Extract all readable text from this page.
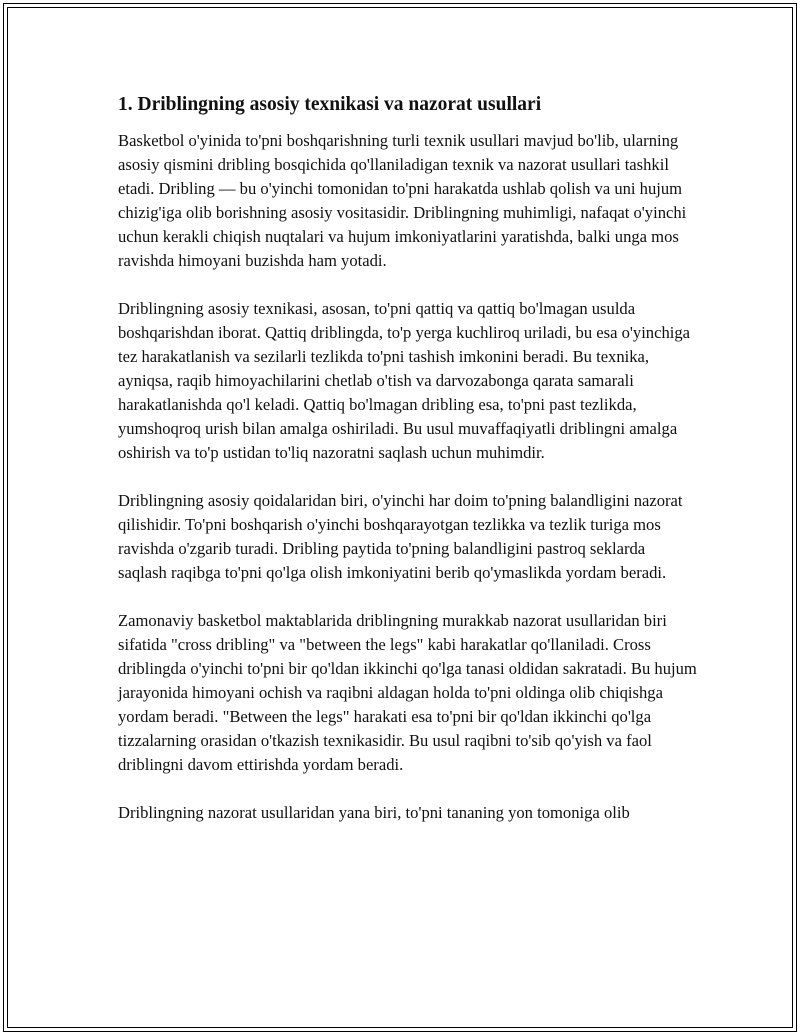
1. Driblingning asosiy texnikasi va nazorat usullari

Basketbol o'yinida to'pni boshqarishning turli texnik usullari mavjud bo'lib, ularning asosiy qismini dribling bosqichida qo'llaniladigan texnik va nazorat usullari tashkil etadi. Dribling — bu o'yinchi tomonidan to'pni harakatda ushlab qolish va uni hujum chizig'iga olib borishning asosiy vositasidir. Driblingning muhimligi, nafaqat o'yinchi uchun kerakli chiqish nuqtalari va hujum imkoniyatlarini yaratishda, balki unga mos ravishda himoyani buzishda ham yotadi.

Driblingning asosiy texnikasi, asosan, to'pni qattiq va qattiq bo'lmagan usulda boshqarishdan iborat. Qattiq driblingda, to'p yerga kuchliroq uriladi, bu esa o'yinchiga tez harakatlanish va sezilarli tezlikda to'pni tashish imkonini beradi. Bu texnika, ayniqsa, raqib himoyachilarini chetlab o'tish va darvozabonga qarata samarali harakatlanishda qo'l keladi. Qattiq bo'lmagan dribling esa, to'pni past tezlikda, yumshoqroq urish bilan amalga oshiriladi. Bu usul muvaffaqiyatli driblingni amalga oshirish va to'p ustidan to'liq nazoratni saqlash uchun muhimdir.

Driblingning asosiy qoidalaridan biri, o'yinchi har doim to'pning balandligini nazorat qilishidir. To'pni boshqarish o'yinchi boshqarayotgan tezlikka va tezlik turiga mos ravishda o'zgarib turadi. Dribling paytida to'pning balandligini pastroq seklarda saqlash raqibga to'pni qo'lga olish imkoniyatini berib qo'ymaslikda yordam beradi.

Zamonaviy basketbol maktablarida driblingning murakkab nazorat usullaridan biri sifatida "cross dribling" va "between the legs" kabi harakatlar qo'llaniladi. Cross driblingda o'yinchi to'pni bir qo'ldan ikkinchi qo'lga tanasi oldidan sakratadi. Bu hujum jarayonida himoyani ochish va raqibni aldagan holda to'pni oldinga olib chiqishga yordam beradi. "Between the legs" harakati esa to'pni bir qo'ldan ikkinchi qo'lga tizzalarning orasidan o'tkazish texnikasidir. Bu usul raqibni to'sib qo'yish va faol driblingni davom ettirishda yordam beradi.

Driblingning nazorat usullaridan yana biri, to'pni tananing yon tomoniga olib
